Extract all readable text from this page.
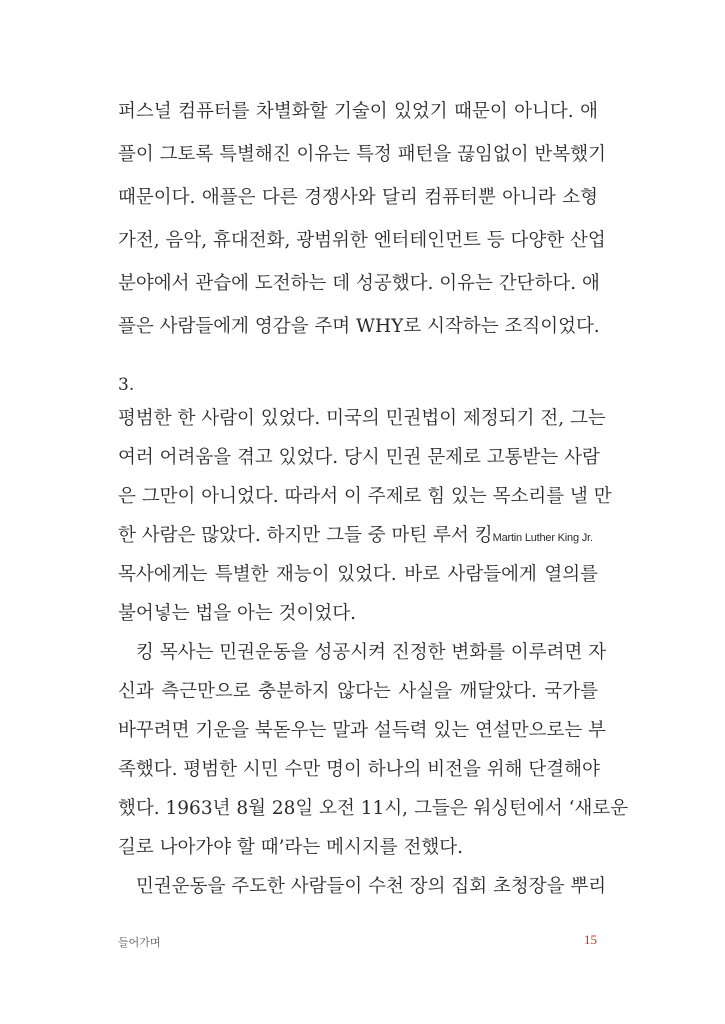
퍼스널 컴퓨터를 차별화할 기술이 있었기 때문이 아니다. 애
플이 그토록 특별해진 이유는 특정 패턴을 끊임없이 반복했기
때문이다. 애플은 다른 경쟁사와 달리 컴퓨터뿐 아니라 소형
가전, 음악, 휴대전화, 광범위한 엔터테인먼트 등 다양한 산업
분야에서 관습에 도전하는 데 성공했다. 이유는 간단하다. 애
플은 사람들에게 영감을 주며 WHY로 시작하는 조직이었다.
3.
평범한 한 사람이 있었다. 미국의 민권법이 제정되기 전, 그는
여러 어려움을 겪고 있었다. 당시 민권 문제로 고통받는 사람
은 그만이 아니었다. 따라서 이 주제로 힘 있는 목소리를 낼 만
한 사람은 많았다. 하지만 그들 중 마틴 루서 킹Martin Luther King Jr.
목사에게는 특별한 재능이 있었다. 바로 사람들에게 열의를
불어넣는 법을 아는 것이었다.
킹 목사는 민권운동을 성공시켜 진정한 변화를 이루려면 자
신과 측근만으로 충분하지 않다는 사실을 깨달았다. 국가를
바꾸려면 기운을 북돋우는 말과 설득력 있는 연설만으로는 부
족했다. 평범한 시민 수만 명이 하나의 비전을 위해 단결해야
했다. 1963년 8월 28일 오전 11시, 그들은 워싱턴에서 ‘새로운
길로 나아가야 할 때’라는 메시지를 전했다.
민권운동을 주도한 사람들이 수천 장의 집회 초청장을 뿌리
들어가며	15
